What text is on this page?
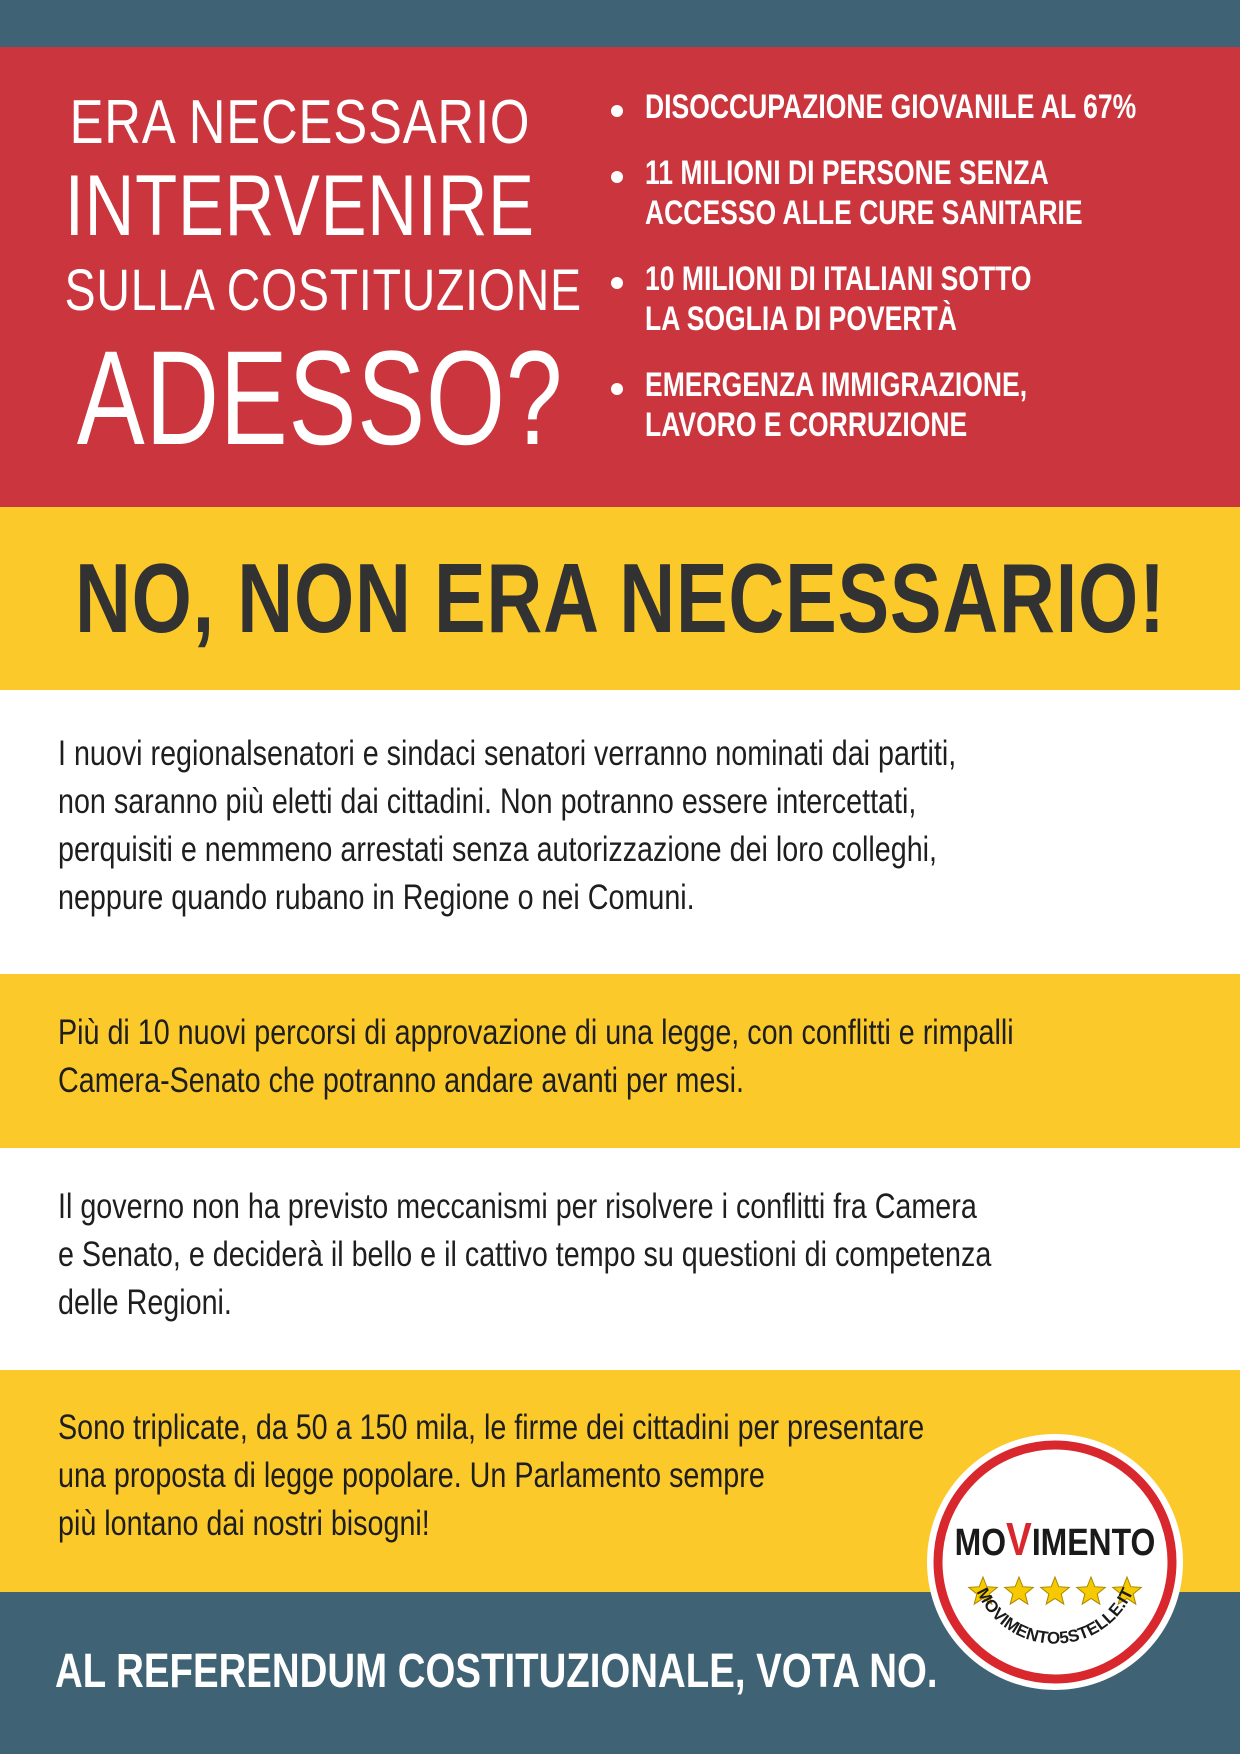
ERA NECESSARIO
INTERVENIRE
SULLA COSTITUZIONE
ADESSO?
DISOCCUPAZIONE GIOVANILE AL 67%
11 MILIONI DI PERSONE SENZA
ACCESSO ALLE CURE SANITARIE
10 MILIONI DI ITALIANI SOTTO
LA SOGLIA DI POVERTÀ
EMERGENZA IMMIGRAZIONE,
LAVORO E CORRUZIONE
NO, NON ERA NECESSARIO!
I nuovi regionalsenatori e sindaci senatori verranno nominati dai partiti,
non saranno più eletti dai cittadini. Non potranno essere intercettati,
perquisiti e nemmeno arrestati senza autorizzazione dei loro colleghi,
neppure quando rubano in Regione o nei Comuni.
Più di 10 nuovi percorsi di approvazione di una legge, con conflitti e rimpalli
Camera-Senato che potranno andare avanti per mesi.
Il governo non ha previsto meccanismi per risolvere i conflitti fra Camera
e Senato, e deciderà il bello e il cattivo tempo su questioni di competenza
delle Regioni.
Sono triplicate, da 50 a 150 mila, le firme dei cittadini per presentare
una proposta di legge popolare. Un Parlamento sempre
più lontano dai nostri bisogni!
AL REFERENDUM COSTITUZIONALE, VOTA NO.
MOVIMENTO
MOVIMENTO5STELLE.IT
